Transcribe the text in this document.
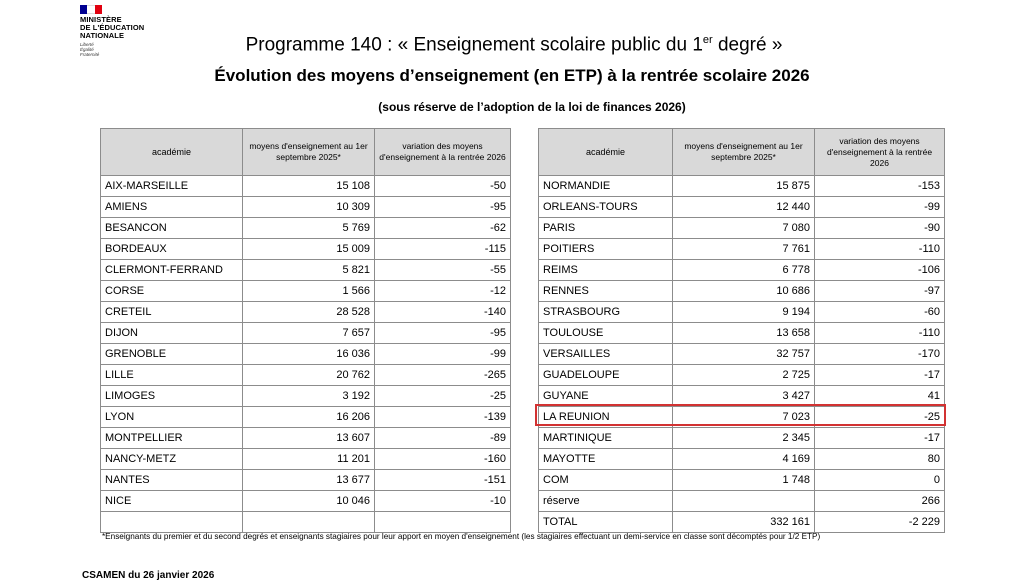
MINISTÈRE
DE L'ÉDUCATION
NATIONALE
Liberté
Égalité
Fraternité	Programme 140 : « Enseignement scolaire public du 1er degré »
Évolution des moyens d’enseignement (en ETP) à la rentrée scolaire 2026
(sous réserve de l’adoption de la loi de finances 2026)
académie	moyens d'enseignement au 1er septembre 2025*	variation des moyens d'enseignement à la rentrée 2026
AIX-MARSEILLE	15 108	-50
AMIENS	10 309	-95
BESANCON	5 769	-62
BORDEAUX	15 009	-115
CLERMONT-FERRAND	5 821	-55
CORSE	1 566	-12
CRETEIL	28 528	-140
DIJON	7 657	-95
GRENOBLE	16 036	-99
LILLE	20 762	-265
LIMOGES	3 192	-25
LYON	16 206	-139
MONTPELLIER	13 607	-89
NANCY-METZ	11 201	-160
NANTES	13 677	-151
NICE	10 046	-10

académie	moyens d'enseignement au 1er septembre 2025*	variation des moyens d'enseignement à la rentrée 2026
NORMANDIE	15 875	-153
ORLEANS-TOURS	12 440	-99
PARIS	7 080	-90
POITIERS	7 761	-110
REIMS	6 778	-106
RENNES	10 686	-97
STRASBOURG	9 194	-60
TOULOUSE	13 658	-110
VERSAILLES	32 757	-170
GUADELOUPE	2 725	-17
GUYANE	3 427	41
LA REUNION	7 023	-25
MARTINIQUE	2 345	-17
MAYOTTE	4 169	80
COM	1 748	0
réserve		266
TOTAL	332 161	-2 229
*Enseignants du premier et du second degrés et enseignants stagiaires pour leur apport en moyen d'enseignement (les stagiaires effectuant un demi-service en classe sont décomptés pour 1/2 ETP)
CSAMEN du 26 janvier 2026
